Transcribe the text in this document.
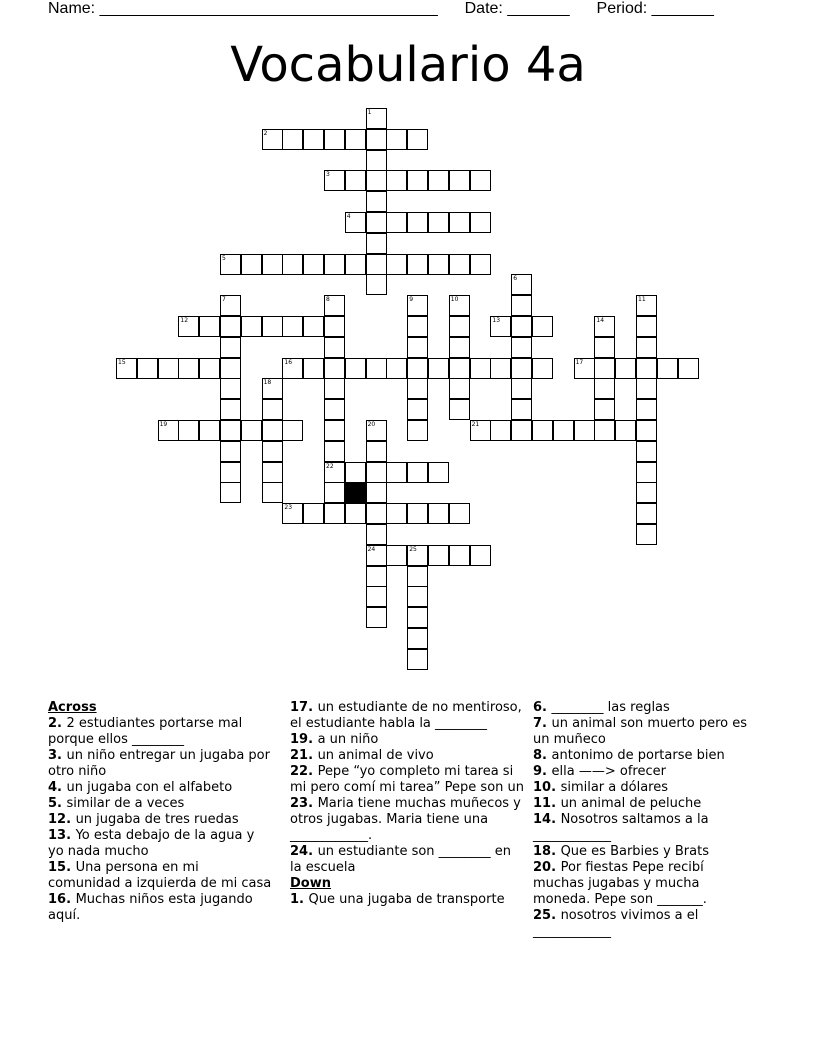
Name: ______________________________________ Date: _______ Period: _______
Vocabulario 4a
1
2
3
4
5
6
7	8
22
9	10	11
12	13	14
15	16	17
18
19	20
24
21
23
25
Across
2. 2 estudiantes portarse mal porque ellos ________
3. un niño entregar un jugaba por otro niño
4. un jugaba con el alfabeto
5. similar de a veces
12. un jugaba de tres ruedas
13. Yo esta debajo de la agua y yo nada mucho
15. Una persona en mi comunidad a izquierda de mi casa
16. Muchas niños esta jugando aquí.
17. un estudiante de no mentiroso, el estudiante habla la ________
19. a un niño
21. un animal de vivo
22. Pepe “yo completo mi tarea si mi pero comí mi tarea” Pepe son un
23. Maria tiene muchas muñecos y otros jugabas. Maria tiene una ____________.
24. un estudiante son ________ en la escuela
Down
1. Que una jugaba de transporte
6. ________ las reglas
7. un animal son muerto pero es un muñeco
8. antonimo de portarse bien
9. ella ——> ofrecer
10. similar a dólares
11. un animal de peluche
14. Nosotros saltamos a la ____________
18. Que es Barbies y Brats
20. Por fiestas Pepe recibí muchas jugabas y mucha moneda. Pepe son _______.
25. nosotros vivimos a el ____________
